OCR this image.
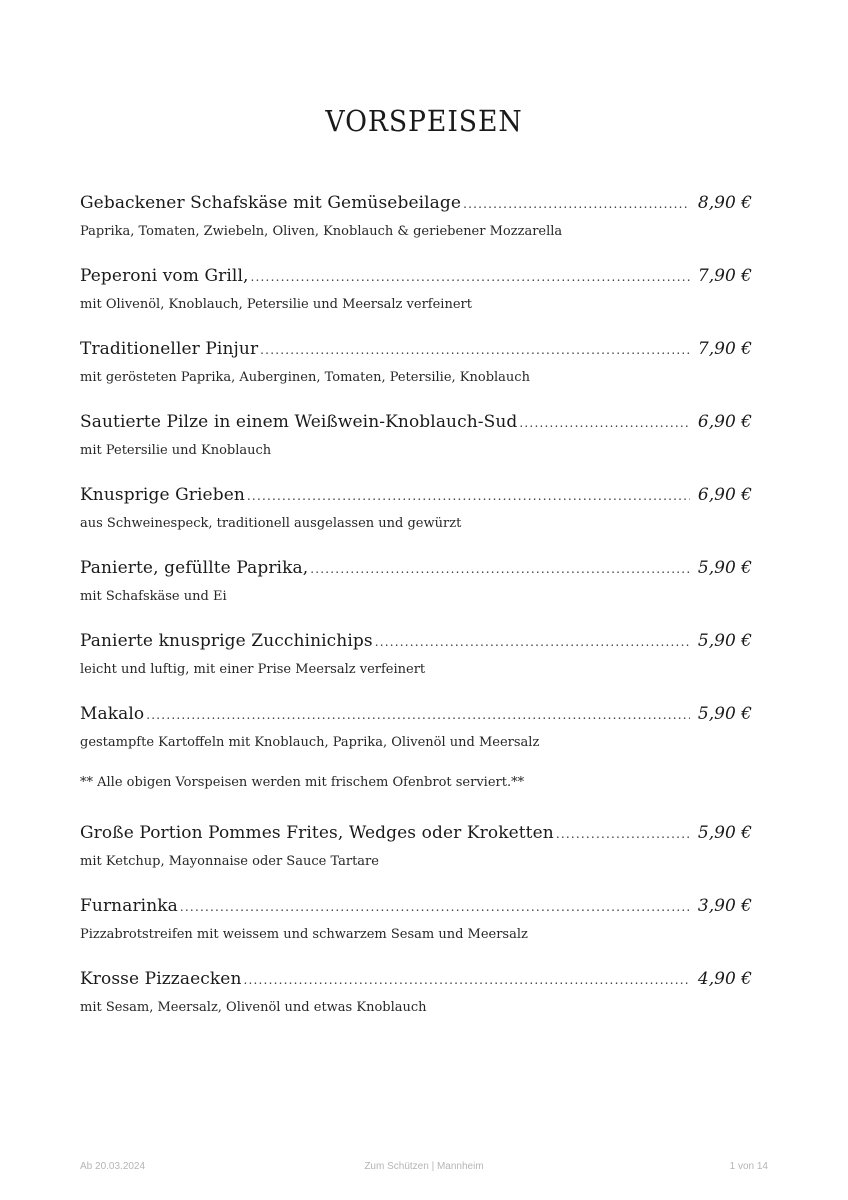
VORSPEISEN
Gebackener Schafskäse mit Gemüsebeilage .....	8,90 €
Paprika, Tomaten, Zwiebeln, Oliven, Knoblauch & geriebener Mozzarella
Peperoni vom Grill, .....	7,90 €
mit Olivenöl, Knoblauch, Petersilie und Meersalz verfeinert
Traditioneller Pinjur .....	7,90 €
mit gerösteten Paprika, Auberginen, Tomaten, Petersilie, Knoblauch
Sautierte Pilze in einem Weißwein-Knoblauch-Sud .....	6,90 €
mit Petersilie und Knoblauch
Knusprige Grieben .....	6,90 €
aus Schweinespeck, traditionell ausgelassen und gewürzt
Panierte, gefüllte Paprika, .....	5,90 €
mit Schafskäse und Ei
Panierte knusprige Zucchinichips .....	5,90 €
leicht und luftig, mit einer Prise Meersalz verfeinert
Makalo .....	5,90 €
gestampfte Kartoffeln mit Knoblauch, Paprika, Olivenöl und Meersalz
** Alle obigen Vorspeisen werden mit frischem Ofenbrot serviert.**
Große Portion Pommes Frites, Wedges oder Kroketten .....	5,90 €
mit Ketchup, Mayonnaise oder Sauce Tartare
Furnarinka .....	3,90 €
Pizzabrotstreifen mit weissem und schwarzem Sesam und Meersalz
Krosse Pizzaecken .....	4,90 €
mit Sesam, Meersalz, Olivenöl und etwas Knoblauch
Ab 20.03.2024	Zum Schützen | Mannheim	1 von 14
